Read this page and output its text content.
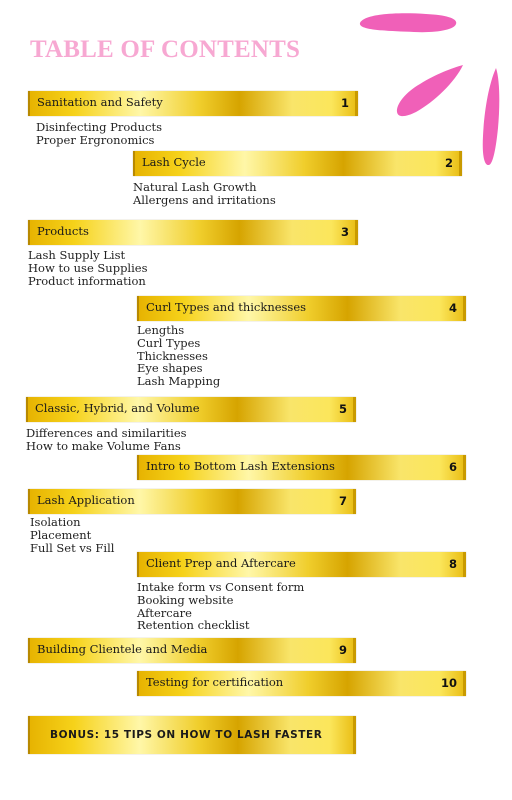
TABLE OF CONTENTS
Sanitation and Safety	1
Disinfecting Products
Proper Ergronomics
Lash Cycle	2
Natural Lash Growth
Allergens and irritations
Products	3
Lash Supply List
How to use Supplies
Product information
Curl Types and thicknesses	4
Lengths
Curl Types
Thicknesses
Eye shapes
Lash Mapping
Classic, Hybrid, and Volume	5
Differences and similarities
How to make Volume Fans
Intro to Bottom Lash Extensions	6
Lash Application	7
Isolation
Placement
Full Set vs Fill
Client Prep and Aftercare	8
Intake form vs Consent form
Booking website
Aftercare
Retention checklist
Building Clientele and Media	9
Testing for certification	10
BONUS: 15 TIPS ON HOW TO LASH FASTER
